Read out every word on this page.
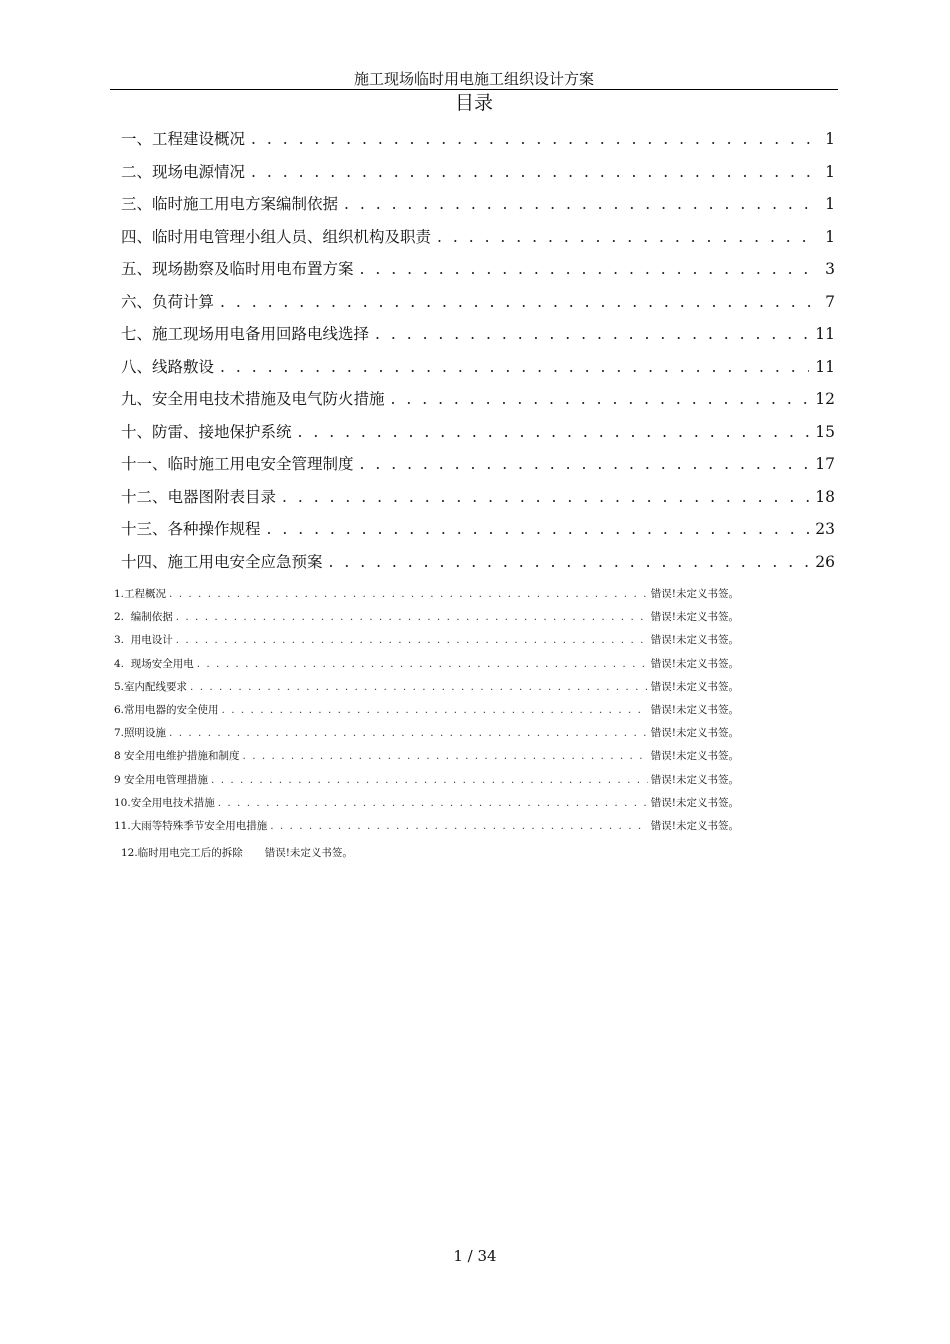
施工现场临时用电施工组织设计方案
目录
一、工程建设概况 . . .	1
二、现场电源情况 . . .	1
三、临时施工用电方案编制依据 . . .	1
四、临时用电管理小组人员、组织机构及职责 . . .	1
五、现场勘察及临时用电布置方案 . . .	3
六、负荷计算 . . .	7
七、施工现场用电备用回路电线选择 . . .	11
八、线路敷设 . . .	11
九、安全用电技术措施及电气防火措施 . . .	12
十、防雷、接地保护系统 . . .	15
十一、临时施工用电安全管理制度 . . .	17
十二、电器图附表目录 . . .	18
十三、各种操作规程 . . .	23
十四、施工用电安全应急预案 . . .	26
1.工程概况 . . .	错误!未定义书签。
2.  编制依据 . . .	错误!未定义书签。
3.  用电设计 . . .	错误!未定义书签。
4.  现场安全用电 . . .	错误!未定义书签。
5.室内配线要求 . . .	错误!未定义书签。
6.常用电器的安全使用 . . .	错误!未定义书签。
7.照明设施 . . .	错误!未定义书签。
8 安全用电维护措施和制度 . . .	错误!未定义书签。
9 安全用电管理措施 . . .	错误!未定义书签。
10.安全用电技术措施 . . .	错误!未定义书签。
11.大雨等特殊季节安全用电措施 . . .	错误!未定义书签。
12.临时用电完工后的拆除 错误!未定义书签。
1 / 34
